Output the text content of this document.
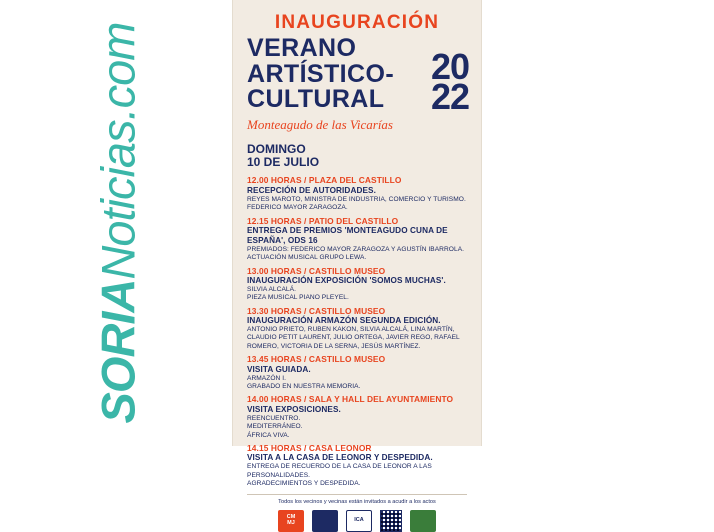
SORIANoticias.com
INAUGURACIÓN
VERANO ARTÍSTICO-
CULTURAL
Monteagudo de las Vicarías
20
22
DOMINGO
10 DE JULIO
12.00 HORAS / PLAZA DEL CASTILLO
RECEPCIÓN DE AUTORIDADES.
REYES MAROTO, MINISTRA DE INDUSTRIA, COMERCIO Y TURISMO.
FEDERICO MAYOR ZARAGOZA.
12.15 HORAS / PATIO DEL CASTILLO
ENTREGA DE PREMIOS 'MONTEAGUDO CUNA DE ESPAÑA', ODS 16
PREMIADOS: FEDERICO MAYOR ZARAGOZA Y AGUSTÍN IBARROLA.
ACTUACIÓN MUSICAL GRUPO LEWA.
13.00 HORAS / CASTILLO MUSEO
INAUGURACIÓN EXPOSICIÓN 'SOMOS MUCHAS'.
SILVIA ALCALÁ.
PIEZA MUSICAL PIANO PLEYEL.
13.30 HORAS / CASTILLO MUSEO
INAUGURACIÓN ARMAZÓN SEGUNDA EDICIÓN.
ANTONIO PRIETO, RUBEN KAKON, SILVIA ALCALÁ, LINA MARTÍN, CLAUDIO PETIT LAURENT, JULIO ORTEGA, JAVIER REGO, RAFAEL ROMERO, VICTORIA DE LA SERNA, JESÚS MARTÍNEZ.
13.45 HORAS / CASTILLO MUSEO
VISITA GUIADA.
ARMAZÓN I.
GRABADO EN NUESTRA MEMORIA.
14.00 HORAS / SALA Y HALL DEL AYUNTAMIENTO
VISITA EXPOSICIONES.
REENCUENTRO.
MEDITERRÁNEO.
ÁFRICA VIVA.
14.15 HORAS / CASA LEONOR
VISITA A LA CASA DE LEONOR Y DESPEDIDA.
ENTREGA DE RECUERDO DE LA CASA DE LEONOR A LAS PERSONALIDADES.
AGRADECIMIENTOS Y DESPEDIDA.
Todos los vecinos y vecinas están invitados a acudir a los actos
CM
MJ	ICA
